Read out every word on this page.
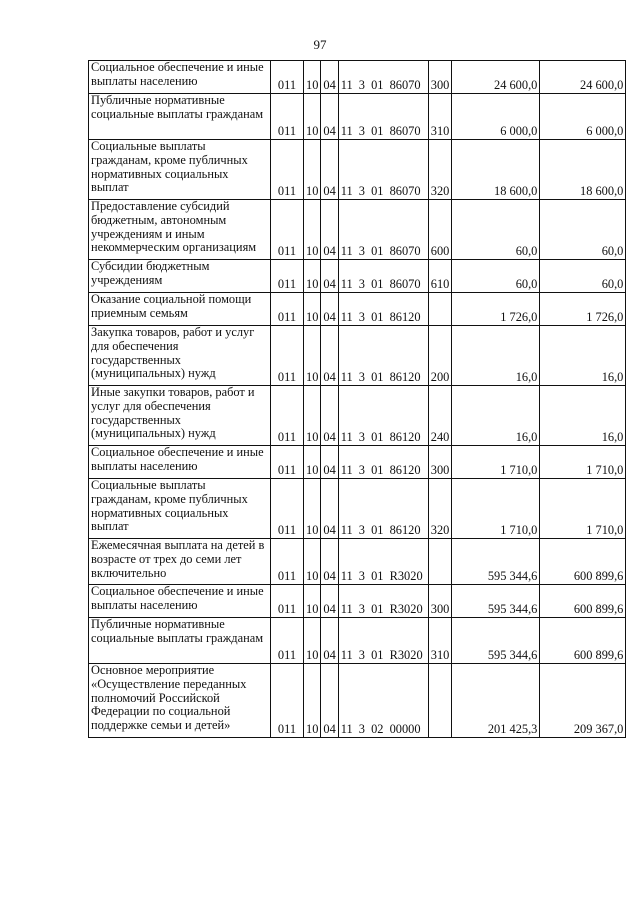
97
Социальное обеспечение и иные выплаты населению	011	10	04	11 3 01 86070	300	24 600,0	24 600,0
Публичные нормативные социальные выплаты гражданам	011	10	04	11 3 01 86070	310	6 000,0	6 000,0
Социальные выплаты гражданам, кроме публичных нормативных социальных выплат	011	10	04	11 3 01 86070	320	18 600,0	18 600,0
Предоставление субсидий бюджетным, автономным учреждениям и иным некоммерческим организациям	011	10	04	11 3 01 86070	600	60,0	60,0
Субсидии бюджетным учреждениям	011	10	04	11 3 01 86070	610	60,0	60,0
Оказание социальной помощи приемным семьям	011	10	04	11 3 01 86120		1 726,0	1 726,0
Закупка товаров, работ и услуг для обеспечения государственных (муниципальных) нужд	011	10	04	11 3 01 86120	200	16,0	16,0
Иные закупки товаров, работ и услуг для обеспечения государственных (муниципальных) нужд	011	10	04	11 3 01 86120	240	16,0	16,0
Социальное обеспечение и иные выплаты населению	011	10	04	11 3 01 86120	300	1 710,0	1 710,0
Социальные выплаты гражданам, кроме публичных нормативных социальных выплат	011	10	04	11 3 01 86120	320	1 710,0	1 710,0
Ежемесячная выплата на детей в возрасте от трех до семи лет включительно	011	10	04	11 3 01 R3020		595 344,6	600 899,6
Социальное обеспечение и иные выплаты населению	011	10	04	11 3 01 R3020	300	595 344,6	600 899,6
Публичные нормативные социальные выплаты гражданам	011	10	04	11 3 01 R3020	310	595 344,6	600 899,6
Основное мероприятие «Осуществление переданных полномочий Российской Федерации по социальной поддержке семьи и детей»	011	10	04	11 3 02 00000		201 425,3	209 367,0
